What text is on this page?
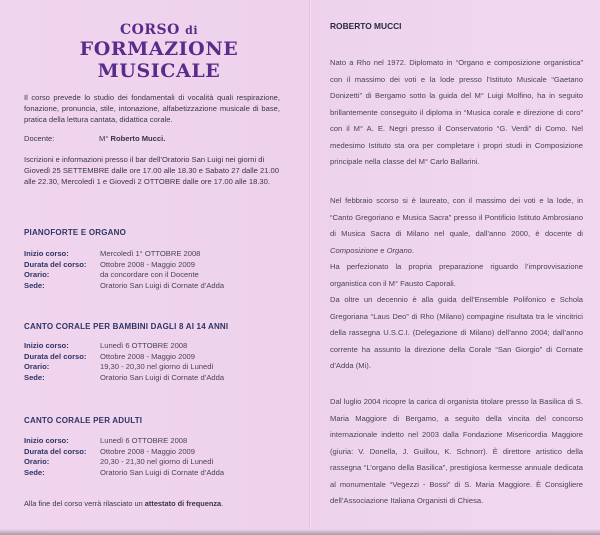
CORSO di
FORMAZIONE MUSICALE
Il corso prevede lo studio dei fondamentali di vocalità quali respirazione, fonazione, pronuncia, stile, intonazione, alfabetizzazione musicale di base, pratica della lettura cantata, didattica corale.
Docente:	M° Roberto Mucci.
Iscrizioni e informazioni presso il bar dell’Oratorio San Luigi nei giorni di Giovedì 25 SETTEMBRE dalle ore 17.00 alle 18.30 e Sabato 27 dalle 21.00 alle 22.30, Mercoledì 1 e Giovedì 2 OTTOBRE dalle ore 17.00 alle 18.30.
PIANOFORTE E ORGANO
Inizio corso:	Mercoledì 1° OTTOBRE 2008
Durata del corso:	Ottobre 2008 - Maggio 2009
Orario:	da concordare con il Docente
Sede:	Oratorio San Luigi di Cornate d’Adda
CANTO CORALE PER BAMBINI DAGLI 8 AI 14 ANNI
Inizio corso:	Lunedì 6 OTTOBRE 2008
Durata del corso:	Ottobre 2008 - Maggio 2009
Orario:	19,30 - 20,30 nel giorno di Lunedì
Sede:	Oratorio San Luigi di Cornate d’Adda
CANTO CORALE PER ADULTI
Inizio corso:	Lunedì 6 OTTOBRE 2008
Durata del corso:	Ottobre 2008 - Maggio 2009
Orario:	20,30 - 21,30 nel giorno di Lunedì
Sede:	Oratorio San Luigi di Cornate d’Adda
Alla fine del corso verrà rilasciato un attestato di frequenza.
ROBERTO MUCCI
Nato a Rho nel 1972. Diplomato in “Organo e composizione organistica” con il massimo dei voti e la lode presso l’Istituto Musicale “Gaetano Donizetti” di Bergamo sotto la guida del M° Luigi Molfino, ha in seguito brillantemente conseguito il diploma in “Musica corale e direzione di coro” con il M° A. E. Negri presso il Conservatorio “G. Verdi” di Como. Nel medesimo Istituto sta ora per completare i propri studi in Composizione principale nella classe del M° Carlo Ballarini.
Nel febbraio scorso si è laureato, con il massimo dei voti e la lode, in “Canto Gregoriano e Musica Sacra” presso il Pontificio Istituto Ambrosiano di Musica Sacra di Milano nel quale, dall’anno 2000, è docente di Composizione e Organo.
Ha perfezionato la propria preparazione riguardo l’improvvisazione organistica con il M° Fausto Caporali.
Da oltre un decennio è alla guida dell’Ensemble Polifonico e Schola Gregoriana “Laus Deo” di Rho (Milano) compagine risultata tra le vincitrici della rassegna U.S.C.I. (Delegazione di Milano) dell’anno 2004; dall’anno corrente ha assunto la direzione della Corale “San Giorgio” di Cornate d’Adda (Mi).
Dal luglio 2004 ricopre la carica di organista titolare presso la Basilica di S. Maria Maggiore di Bergamo, a seguito della vincita del concorso internazionale indetto nel 2003 dalla Fondazione Misericordia Maggiore (giuria: V. Donella, J. Guillou, K. Schnorr). È direttore artistico della rassegna “L’organo della Basilica”, prestigiosa kermesse annuale dedicata al monumentale “Vegezzi - Bossi” di S. Maria Maggiore. È Consigliere dell’Associazione Italiana Organisti di Chiesa.
